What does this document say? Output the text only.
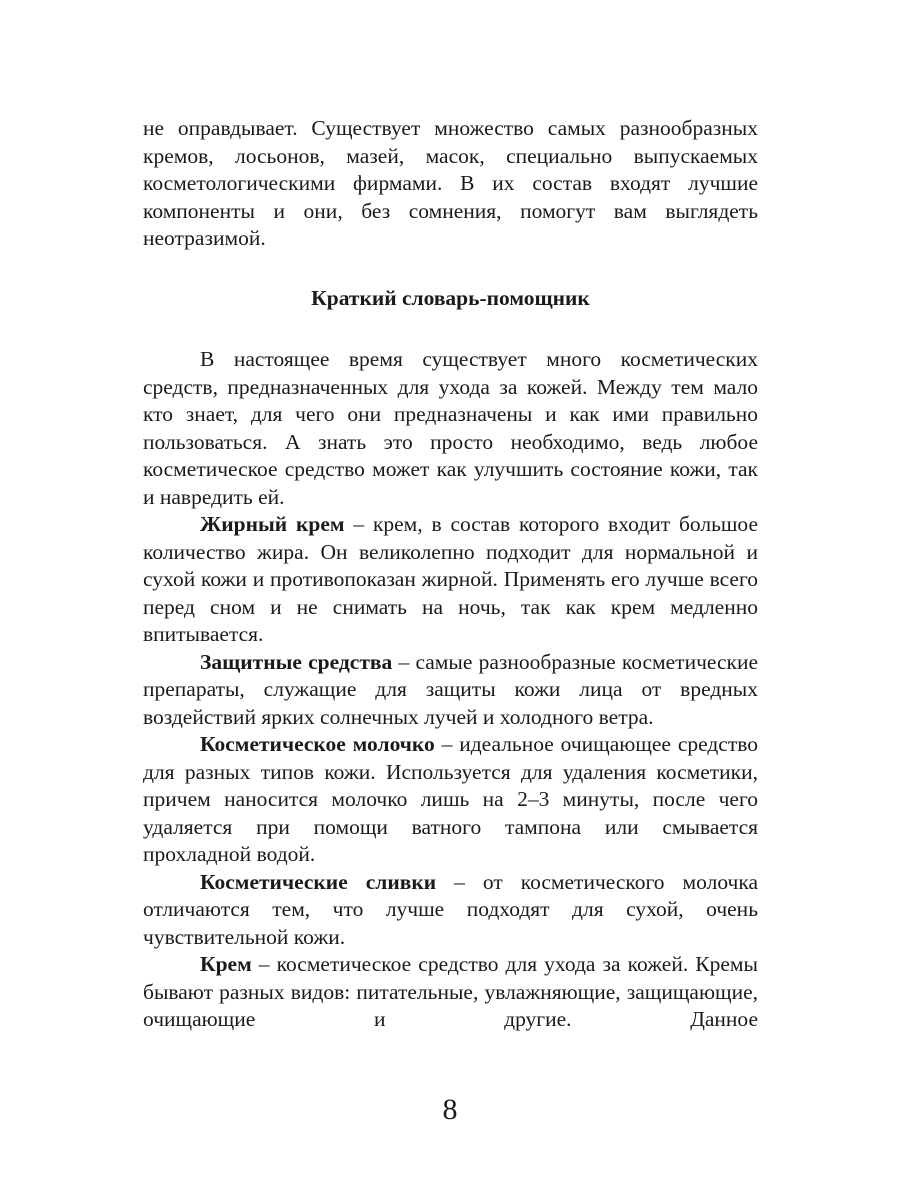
не оправдывает. Существует множество самых разнообразных кремов, лосьонов, мазей, масок, специально выпускаемых косметологическими фирмами. В их состав входят лучшие компоненты и они, без сомнения, помогут вам выглядеть неотразимой.

Краткий словарь-помощник

В настоящее время существует много косметических средств, предназначенных для ухода за кожей. Между тем мало кто знает, для чего они предназначены и как ими правильно пользоваться. А знать это просто необходимо, ведь любое косметическое средство может как улучшить состояние кожи, так и навредить ей.

Жирный крем – крем, в состав которого входит большое количество жира. Он великолепно подходит для нормальной и сухой кожи и противопоказан жирной. Применять его лучше всего перед сном и не снимать на ночь, так как крем медленно впитывается.

Защитные средства – самые разнообразные косметические препараты, служащие для защиты кожи лица от вредных воздействий ярких солнечных лучей и холодного ветра.

Косметическое молочко – идеальное очищающее средство для разных типов кожи. Используется для удаления косметики, причем наносится молочко лишь на 2–3 минуты, после чего удаляется при помощи ватного тампона или смывается прохладной водой.

Косметические сливки – от косметического молочка отличаются тем, что лучше подходят для сухой, очень чувствительной кожи.

Крем – косметическое средство для ухода за кожей. Кремы бывают разных видов: питательные, увлажняющие, защищающие, очищающие и другие. Данное

8
